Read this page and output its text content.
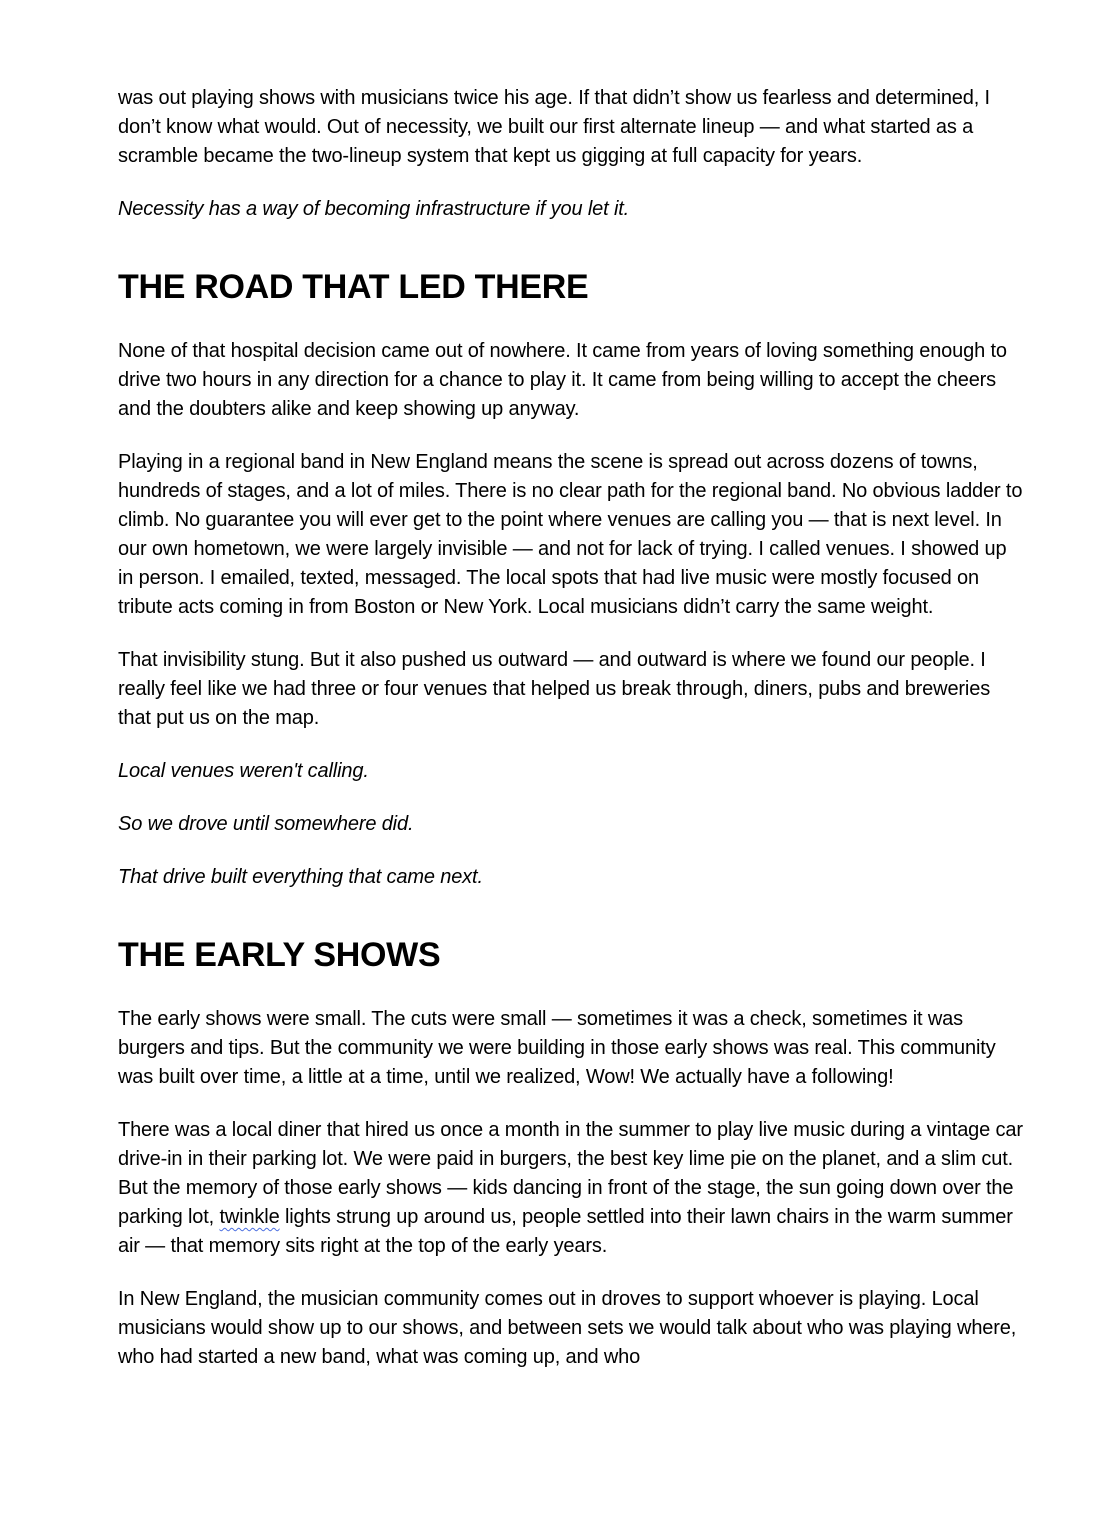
was out playing shows with musicians twice his age. If that didn’t show us fearless and determined, I don’t know what would. Out of necessity, we built our first alternate lineup — and what started as a scramble became the two-lineup system that kept us gigging at full capacity for years.

Necessity has a way of becoming infrastructure if you let it.

THE ROAD THAT LED THERE

None of that hospital decision came out of nowhere. It came from years of loving something enough to drive two hours in any direction for a chance to play it. It came from being willing to accept the cheers and the doubters alike and keep showing up anyway.

Playing in a regional band in New England means the scene is spread out across dozens of towns, hundreds of stages, and a lot of miles. There is no clear path for the regional band. No obvious ladder to climb. No guarantee you will ever get to the point where venues are calling you — that is next level. In our own hometown, we were largely invisible — and not for lack of trying. I called venues. I showed up in person. I emailed, texted, messaged. The local spots that had live music were mostly focused on tribute acts coming in from Boston or New York. Local musicians didn’t carry the same weight.

That invisibility stung. But it also pushed us outward — and outward is where we found our people. I really feel like we had three or four venues that helped us break through, diners, pubs and breweries that put us on the map.

Local venues weren't calling.

So we drove until somewhere did.

That drive built everything that came next.

THE EARLY SHOWS

The early shows were small. The cuts were small — sometimes it was a check, sometimes it was burgers and tips. But the community we were building in those early shows was real. This community was built over time, a little at a time, until we realized, Wow! We actually have a following!

There was a local diner that hired us once a month in the summer to play live music during a vintage car drive-in in their parking lot. We were paid in burgers, the best key lime pie on the planet, and a slim cut. But the memory of those early shows — kids dancing in front of the stage, the sun going down over the parking lot, twinkle lights strung up around us, people settled into their lawn chairs in the warm summer air — that memory sits right at the top of the early years.

In New England, the musician community comes out in droves to support whoever is playing. Local musicians would show up to our shows, and between sets we would talk about who was playing where, who had started a new band, what was coming up, and who
